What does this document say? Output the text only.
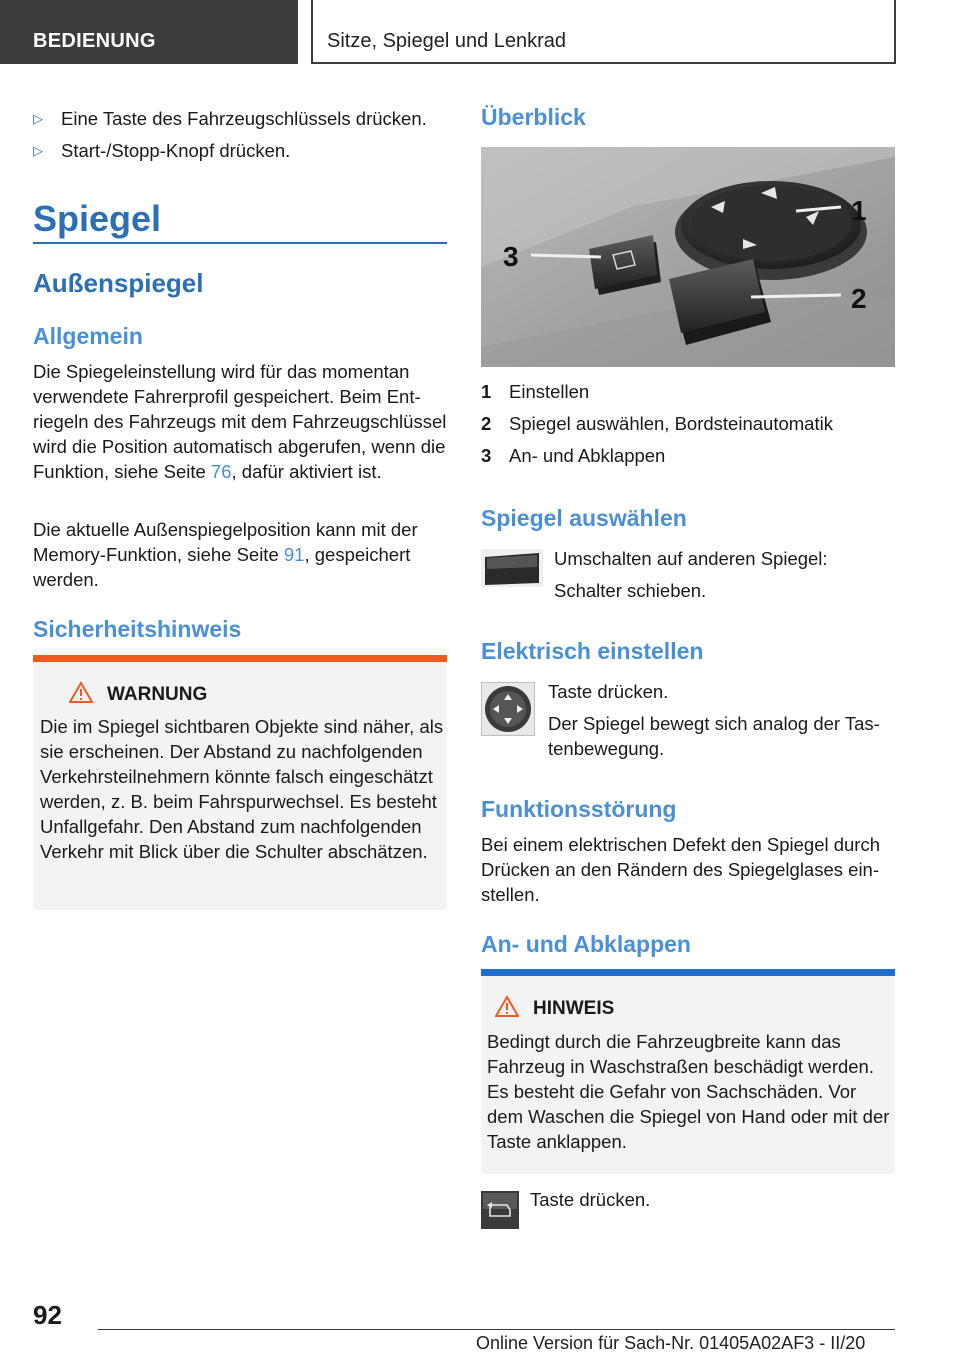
BEDIENUNG	Sitze, Spiegel und Lenkrad
▷ Eine Taste des Fahrzeugschlüssels drücken.
▷ Start-/Stopp-Knopf drücken.
Spiegel
Außenspiegel
Allgemein
Die Spiegeleinstellung wird für das momentan verwendete Fahrerprofil gespeichert. Beim Entriegeln des Fahrzeugs mit dem Fahrzeugschlüssel wird die Position automatisch abgerufen, wenn die Funktion, siehe Seite 76, dafür aktiviert ist.
Die aktuelle Außenspiegelposition kann mit der Memory-Funktion, siehe Seite 91, gespeichert werden.
Sicherheitshinweis
WARNUNG
Die im Spiegel sichtbaren Objekte sind näher, als sie erscheinen. Der Abstand zu nachfolgenden Verkehrsteilnehmern könnte falsch eingeschätzt werden, z. B. beim Fahrspurwechsel. Es besteht Unfallgefahr. Den Abstand zum nachfolgenden Verkehr mit Blick über die Schulter abschätzen.
Überblick
1
2
3
1 Einstellen
2 Spiegel auswählen, Bordsteinautomatik
3 An- und Abklappen
Spiegel auswählen
Umschalten auf anderen Spiegel:
Schalter schieben.
Elektrisch einstellen
Taste drücken.
Der Spiegel bewegt sich analog der Tastenbewegung.
Funktionsstörung
Bei einem elektrischen Defekt den Spiegel durch Drücken an den Rändern des Spiegelglases einstellen.
An- und Abklappen
HINWEIS
Bedingt durch die Fahrzeugbreite kann das Fahrzeug in Waschstraßen beschädigt werden. Es besteht die Gefahr von Sachschäden. Vor dem Waschen die Spiegel von Hand oder mit der Taste anklappen.
Taste drücken.
92
Online Version für Sach-Nr. 01405A02AF3 - II/20
